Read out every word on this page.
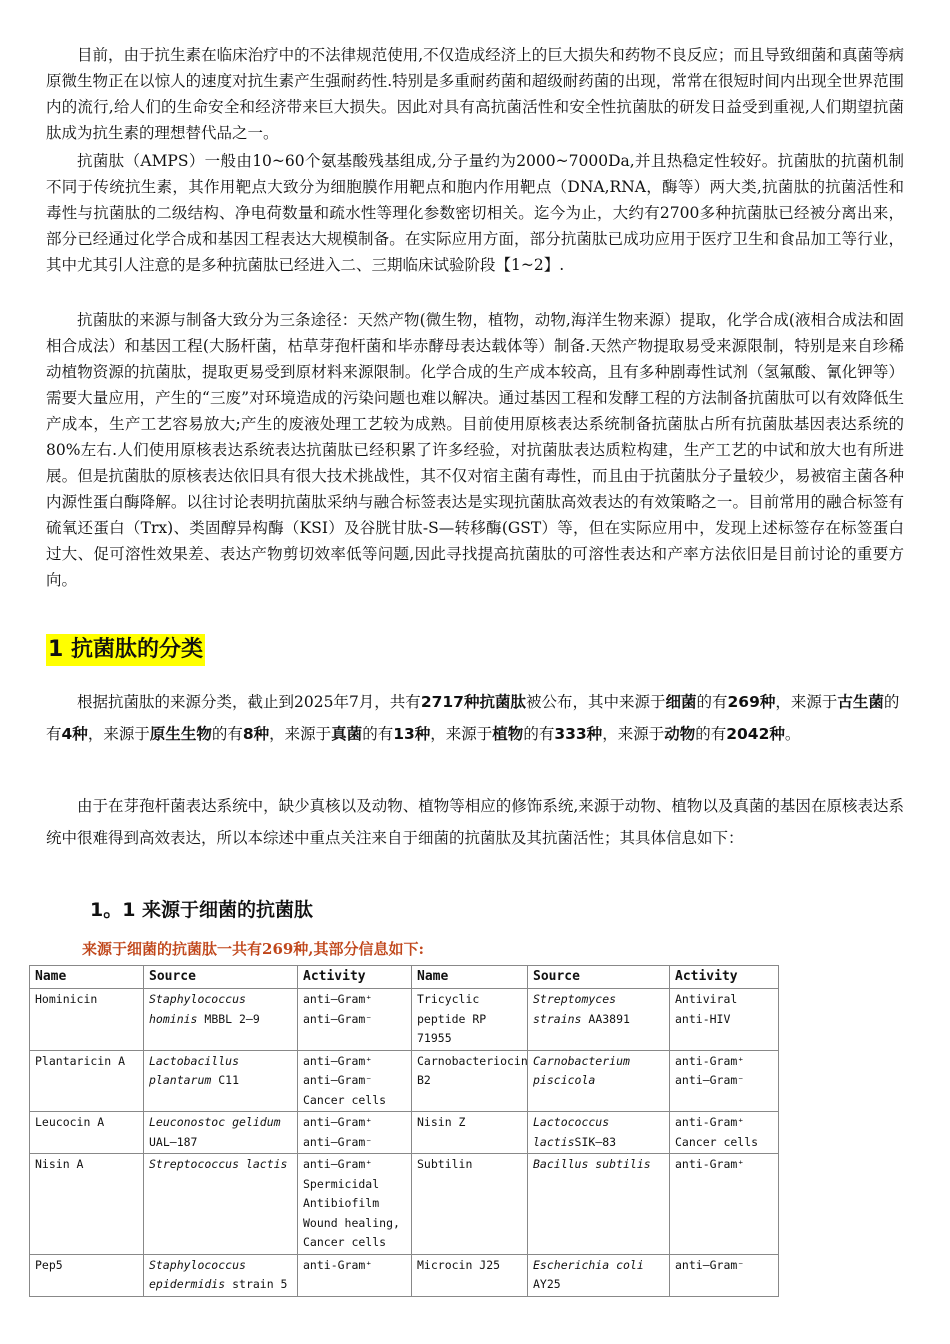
目前，由于抗生素在临床治疗中的不法律规范使用,不仅造成经济上的巨大损失和药物不良反应；而且导致细菌和真菌等病原微生物正在以惊人的速度对抗生素产生强耐药性.特别是多重耐药菌和超级耐药菌的出现，常常在很短时间内出现全世界范围内的流行,给人们的生命安全和经济带来巨大损失。因此对具有高抗菌活性和安全性抗菌肽的研发日益受到重视,人们期望抗菌肽成为抗生素的理想替代品之一。

抗菌肽（AMPS）一般由10~60个氨基酸残基组成,分子量约为2000~7000Da,并且热稳定性较好。抗菌肽的抗菌机制不同于传统抗生素，其作用靶点大致分为细胞膜作用靶点和胞内作用靶点（DNA,RNA，酶等）两大类,抗菌肽的抗菌活性和毒性与抗菌肽的二级结构、净电荷数量和疏水性等理化参数密切相关。迄今为止，大约有2700多种抗菌肽已经被分离出来，部分已经通过化学合成和基因工程表达大规模制备。在实际应用方面，部分抗菌肽已成功应用于医疗卫生和食品加工等行业，其中尤其引人注意的是多种抗菌肽已经进入二、三期临床试验阶段【1~2】.

抗菌肽的来源与制备大致分为三条途径：天然产物(微生物，植物，动物,海洋生物来源）提取，化学合成(液相合成法和固相合成法）和基因工程(大肠杆菌，枯草芽孢杆菌和毕赤酵母表达载体等）制备.天然产物提取易受来源限制，特别是来自珍稀动植物资源的抗菌肽，提取更易受到原材料来源限制。化学合成的生产成本较高，且有多种剧毒性试剂（氢氟酸、氰化钾等）需要大量应用，产生的“三废”对环境造成的污染问题也难以解决。通过基因工程和发酵工程的方法制备抗菌肽可以有效降低生产成本，生产工艺容易放大;产生的废液处理工艺较为成熟。目前使用原核表达系统制备抗菌肽占所有抗菌肽基因表达系统的80%左右.人们使用原核表达系统表达抗菌肽已经积累了许多经验，对抗菌肽表达质粒构建，生产工艺的中试和放大也有所进展。但是抗菌肽的原核表达依旧具有很大技术挑战性，其不仅对宿主菌有毒性，而且由于抗菌肽分子量较少，易被宿主菌各种内源性蛋白酶降解。以往讨论表明抗菌肽采纳与融合标签表达是实现抗菌肽高效表达的有效策略之一。目前常用的融合标签有硫氧还蛋白（Trx)、类固醇异构酶（KSI）及谷胱甘肽-S—转移酶(GST）等，但在实际应用中，发现上述标签存在标签蛋白过大、促可溶性效果差、表达产物剪切效率低等问题,因此寻找提高抗菌肽的可溶性表达和产率方法依旧是目前讨论的重要方向。

1 抗菌肽的分类

根据抗菌肽的来源分类，截止到2025年7月，共有2717种抗菌肽被公布，其中来源于细菌的有269种，来源于古生菌的有4种，来源于原生生物的有8种，来源于真菌的有13种，来源于植物的有333种，来源于动物的有2042种。

由于在芽孢杆菌表达系统中，缺少真核以及动物、植物等相应的修饰系统,来源于动物、植物以及真菌的基因在原核表达系统中很难得到高效表达，所以本综述中重点关注来自于细菌的抗菌肽及其抗菌活性；其具体信息如下：

1。1 来源于细菌的抗菌肽
来源于细菌的抗菌肽一共有269种,其部分信息如下:
Name	Source	Activity	Name	Source	Activity
Hominicin	Staphylococcus hominis MBBL 2—9	anti—Gram⁺ anti—Gram⁻	Tricyclic peptide RP 71955	Streptomyces strains AA3891	Antiviral anti-HIV
Plantaricin A	Lactobacillus plantarum C11	anti—Gram⁺ anti—Gram⁻ Cancer cells	Carnobacteriocin B2	Carnobacterium piscicola	anti-Gram⁺ anti—Gram⁻
Leucocin A	Leuconostoc gelidum UAL—187	anti—Gram⁺ anti—Gram⁻	Nisin Z	Lactococcus lactisSIK—83	anti-Gram⁺ Cancer cells
Nisin A	Streptococcus lactis	anti—Gram⁺ Spermicidal Antibiofilm Wound healing, Cancer cells	Subtilin	Bacillus subtilis	anti-Gram⁺
Pep5	Staphylococcus epidermidis strain 5	anti-Gram⁺	Microcin J25	Escherichia coli AY25	anti—Gram⁻
